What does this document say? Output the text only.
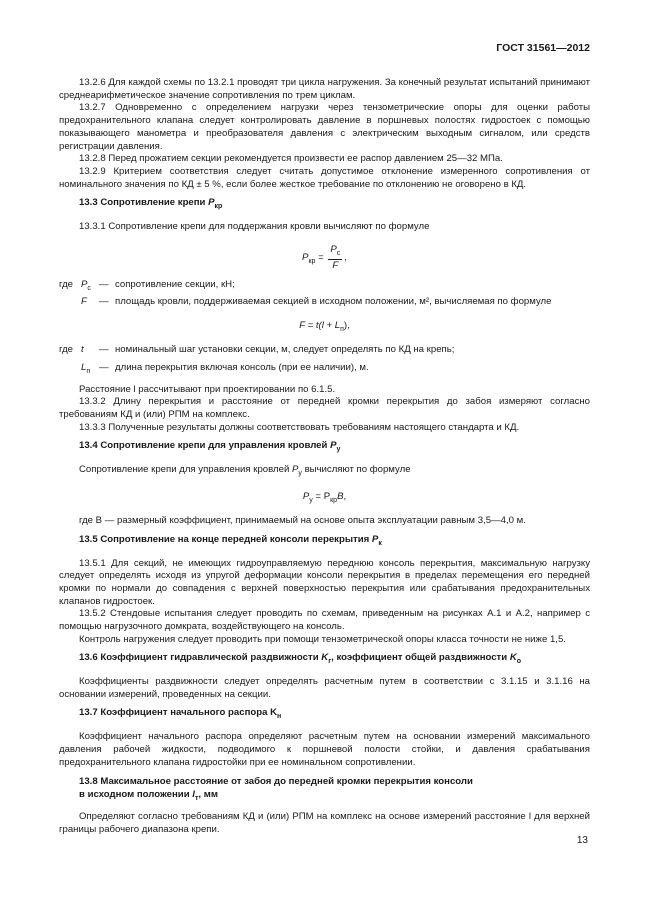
ГОСТ 31561—2012

13.2.6 Для каждой схемы по 13.2.1 проводят три цикла нагружения. За конечный результат испытаний принимают среднеарифметическое значение сопротивления по трем циклам.

13.2.7 Одновременно с определением нагрузки через тензометрические опоры для оценки работы предохранительного клапана следует контролировать давление в поршневых полостях гидростоек с помощью показывающего манометра и преобразователя давления с электрическим выходным сигналом, или средств регистрации давления.

13.2.8 Перед прожатием секции рекомендуется произвести ее распор давлением 25—32 МПа.

13.2.9 Критерием соответствия следует считать допустимое отклонение измеренного сопротивления от номинального значения по КД ± 5 %, если более жесткое требование по отклонению не оговорено в КД.

13.3 Сопротивление крепи $P_{кр}$

13.3.1 Сопротивление крепи для поддержания кровли вычисляют по формуле

$P_{кр} = \frac{P_c}{F}$ ,
где	$P_c$	—	сопротивление секции, кН;
	F	—	площадь кровли, поддерживаемая секцией в исходном положении, м², вычисляемая по формуле
$F = t(l + L_п)$,
где	t	—	номинальный шаг установки секции, м, следует определять по КД на крепь;
	$L_п$	—	длина перекрытия включая консоль (при ее наличии), м.

Расстояние l рассчитывают при проектировании по 6.1.5.

13.3.2 Длину перекрытия и расстояние от передней кромки перекрытия до забоя измеряют согласно требованиям КД и (или) РПМ на комплекс.

13.3.3 Полученные результаты должны соответствовать требованиям настоящего стандарта и КД.

13.4 Сопротивление крепи для управления кровлей $P_у$

Сопротивление крепи для управления кровлей $P_у$ вычисляют по формуле

$P_у = P_{кр}B$,

где B — размерный коэффициент, принимаемый на основе опыта эксплуатации равным 3,5—4,0 м.

13.5 Сопротивление на конце передней консоли перекрытия $P_к$

13.5.1 Для секций, не имеющих гидроуправляемую переднюю консоль перекрытия, максимальную нагрузку следует определять исходя из упругой деформации консоли перекрытия в пределах перемещения его передней кромки по нормали до совпадения с верхней поверхностью перекрытия или срабатывания предохранительных клапанов гидростоек.

13.5.2 Стендовые испытания следует проводить по схемам, приведенным на рисунках А.1 и А.2, например с помощью нагрузочного домкрата, воздействующего на консоль.

Контроль нагружения следует проводить при помощи тензометрической опоры класса точности не ниже 1,5.

13.6 Коэффициент гидравлической раздвижности $K_г$, коэффициент общей раздвижности $K_о$

Коэффициенты раздвижности следует определять расчетным путем в соответствии с 3.1.15 и 3.1.16 на основании измерений, проведенных на секции.

13.7 Коэффициент начального распора $K_н$

Коэффициент начального распора определяют расчетным путем на основании измерений максимального давления рабочей жидкости, подводимого к поршневой полости стойки, и давления срабатывания предохранительного клапана гидростойки при ее номинальном сопротивлении.

13.8 Максимальное расстояние от забоя до передней кромки перекрытия консоли
в исходном положении $l_т$, мм

Определяют согласно требованиям КД и (или) РПМ на комплекс на основе измерений расстояние l для верхней границы рабочего диапазона крепи.

13
